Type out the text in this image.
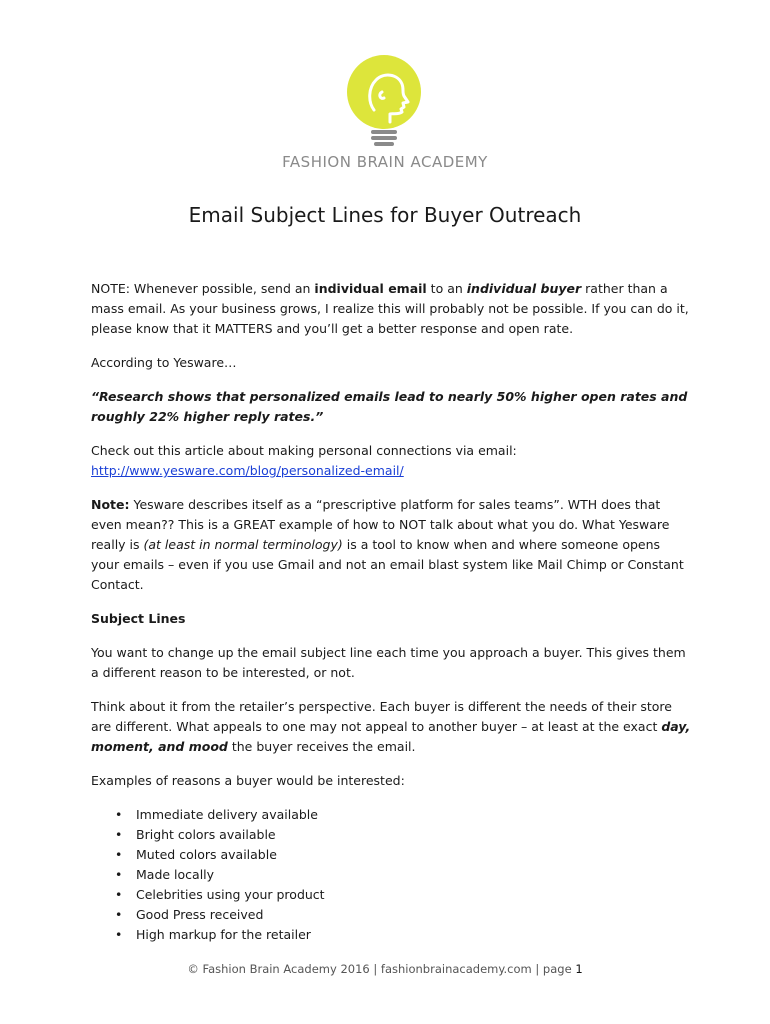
FASHION BRAIN ACADEMY
Email Subject Lines for Buyer Outreach

NOTE: Whenever possible, send an individual email to an individual buyer rather than a mass email. As your business grows, I realize this will probably not be possible. If you can do it, please know that it MATTERS and you’ll get a better response and open rate.

According to Yesware…

“Research shows that personalized emails lead to nearly 50% higher open rates and roughly 22% higher reply rates.”

Check out this article about making personal connections via email:
http://www.yesware.com/blog/personalized-email/

Note: Yesware describes itself as a “prescriptive platform for sales teams”. WTH does that even mean?? This is a GREAT example of how to NOT talk about what you do. What Yesware really is (at least in normal terminology) is a tool to know when and where someone opens your emails – even if you use Gmail and not an email blast system like Mail Chimp or Constant Contact.

Subject Lines

You want to change up the email subject line each time you approach a buyer. This gives them a different reason to be interested, or not.

Think about it from the retailer’s perspective. Each buyer is different the needs of their store are different. What appeals to one may not appeal to another buyer – at least at the exact day, moment, and mood the buyer receives the email.

Examples of reasons a buyer would be interested:

• Immediate delivery available
• Bright colors available
• Muted colors available
• Made locally
• Celebrities using your product
• Good Press received
• High markup for the retailer
© Fashion Brain Academy 2016 | fashionbrainacademy.com | page 1
